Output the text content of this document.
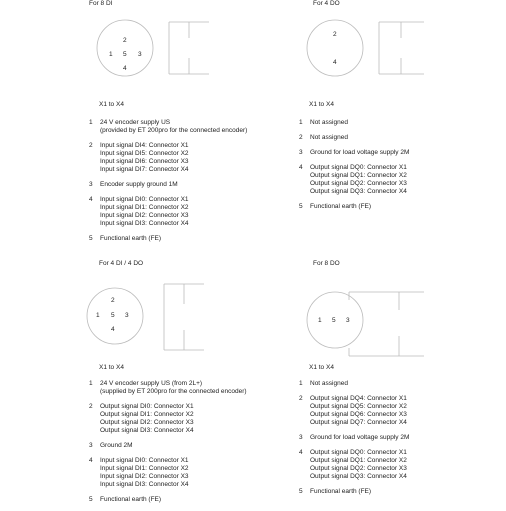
For 8 DI
1
2
3
4
5
X1 to X4
1	24 V encoder supply US
(provided by ET 200pro for the connected encoder)
2	Input signal DI4: Connector X1
Input signal DI5: Connector X2
Input signal DI6: Connector X3
Input signal DI7: Connector X4
3	Encoder supply ground 1M
4	Input signal DI0: Connector X1
Input signal DI1: Connector X2
Input signal DI2: Connector X3
Input signal DI3: Connector X4
5	Functional earth (FE)
For 4 DO
2
4
X1 to X4
1	Not assigned
2	Not assigned
3	Ground for load voltage supply 2M
4	Output signal DQ0: Connector X1
Output signal DQ1: Connector X2
Output signal DQ2: Connector X3
Output signal DQ3: Connector X4
5	Functional earth (FE)
For 4 DI / 4 DO
1
2
3
4
5
X1 to X4
1	24 V encoder supply US (from 2L+)
(supplied by ET 200pro for the connected encoder)
2	Output signal DI0: Connector X1
Output signal DI1: Connector X2
Output signal DI2: Connector X3
Output signal DI3: Connector X4
3	Ground 2M
4	Input signal DI0: Connector X1
Input signal DI1: Connector X2
Input signal DI2: Connector X3
Input signal DI3: Connector X4
5	Functional earth (FE)
For 8 DO
1	3
5
X1 to X4
1	Not assigned
2	Output signal DQ4: Connector X1
Output signal DQ5: Connector X2
Output signal DQ6: Connector X3
Output signal DQ7: Connector X4
3	Ground for load voltage supply 2M
4	Output signal DQ0: Connector X1
Output signal DQ1: Connector X2
Output signal DQ2: Connector X3
Output signal DQ3: Connector X4
5	Functional earth (FE)
